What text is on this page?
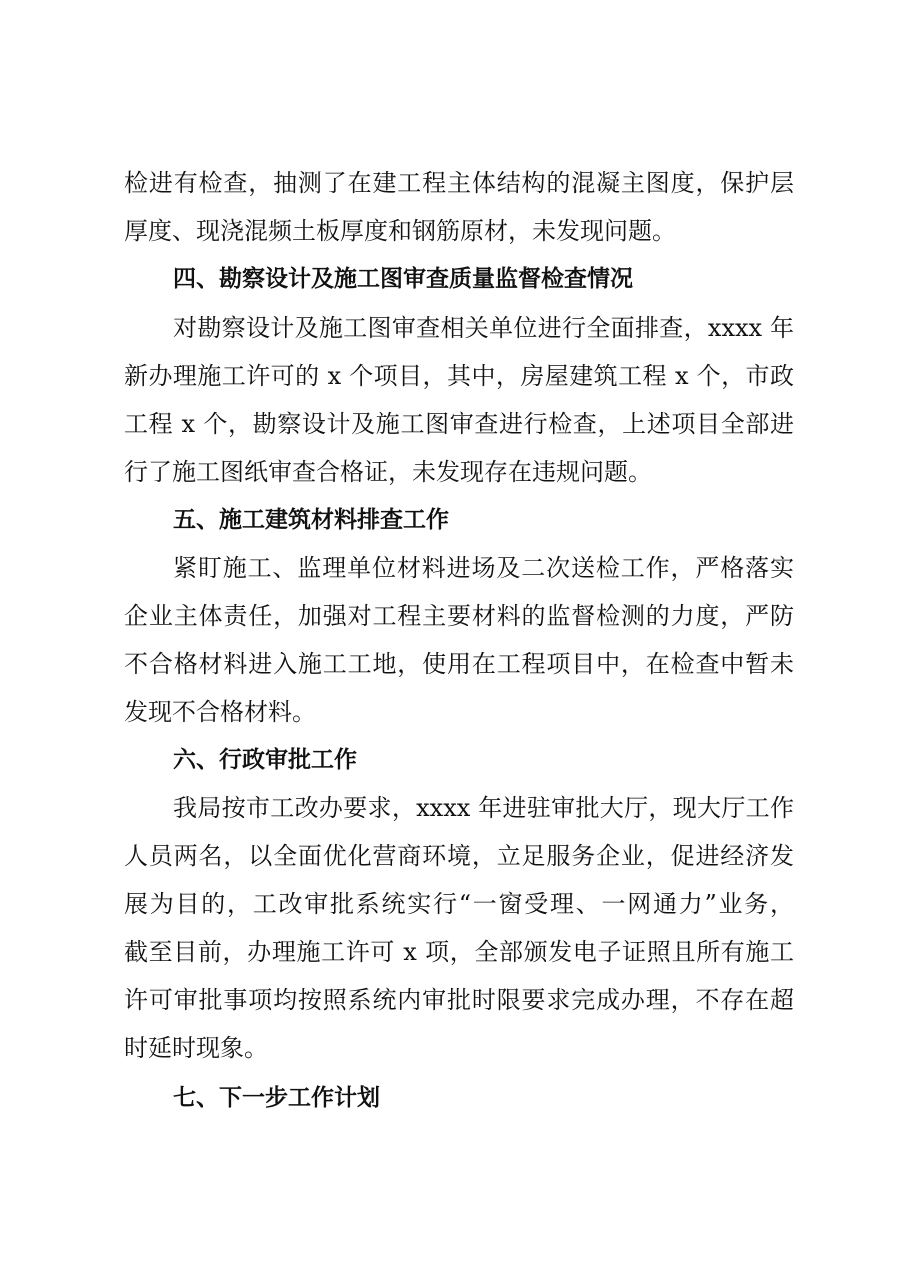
检进有检查，抽测了在建工程主体结构的混凝主图度，保护层
厚度、现浇混频土板厚度和钢筋原材，未发现问题。
四、勘察设计及施工图审查质量监督检查情况
对勘察设计及施工图审查相关单位进行全面排查，xxxx 年
新办理施工许可的 x 个项目，其中，房屋建筑工程 x 个，市政
工程 x 个，勘察设计及施工图审查进行检查，上述项目全部进
行了施工图纸审查合格证，未发现存在违规问题。
五、施工建筑材料排查工作
紧盯施工、监理单位材料进场及二次送检工作，严格落实
企业主体责任，加强对工程主要材料的监督检测的力度，严防
不合格材料进入施工工地，使用在工程项目中，在检查中暂未
发现不合格材料。
六、行政审批工作
我局按市工改办要求，xxxx 年进驻审批大厅，现大厅工作
人员两名，以全面优化营商环境，立足服务企业，促进经济发
展为目的，工改审批系统实行“一窗受理、一网通力”业务，
截至目前，办理施工许可 x 项，全部颁发电子证照且所有施工
许可审批事项均按照系统内审批时限要求完成办理，不存在超
时延时现象。
七、下一步工作计划
